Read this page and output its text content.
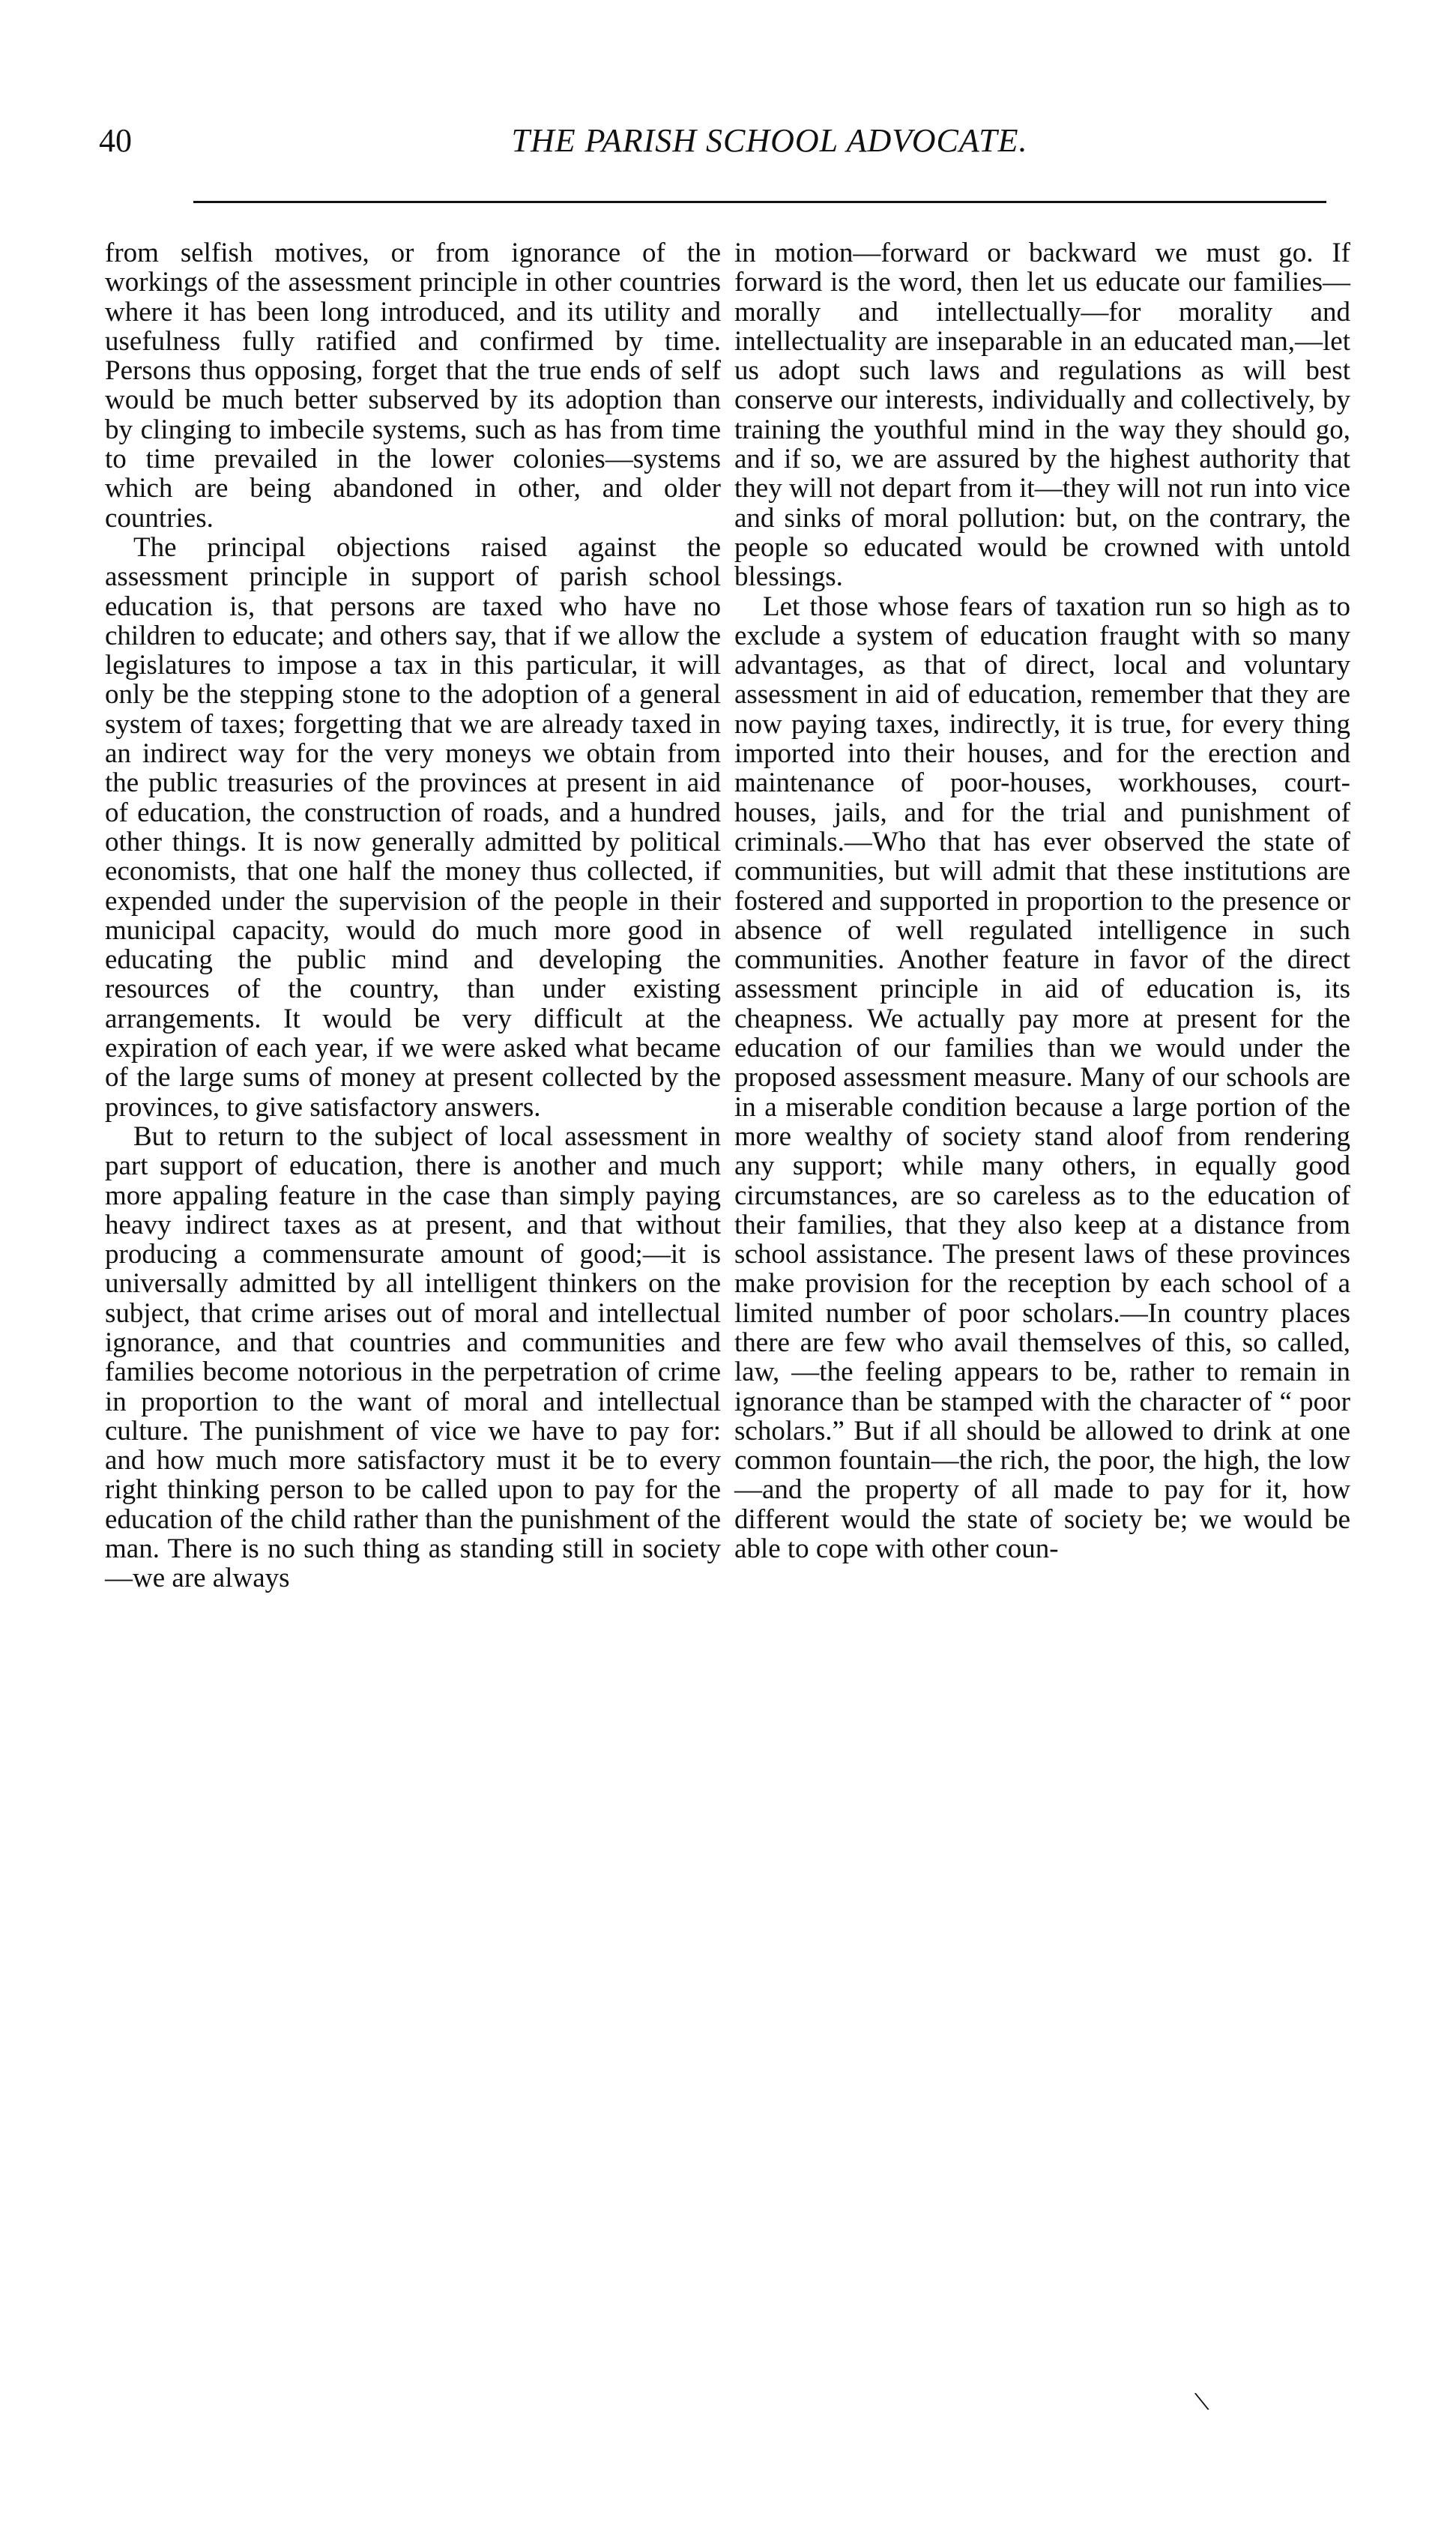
40	THE PARISH SCHOOL ADVOCATE.

from selfish motives, or from ignorance of the workings of the assessment principle in other countries where it has been long introduced, and its utility and usefulness fully ratified and confirmed by time. Persons thus opposing, forget that the true ends of self would be much better subserved by its adoption than by clinging to imbecile systems, such as has from time to time prevailed in the lower colonies—systems which are being abandoned in other, and older countries.

The principal objections raised against the assessment principle in support of parish school education is, that persons are taxed who have no children to educate; and others say, that if we allow the legislatures to impose a tax in this particular, it will only be the stepping stone to the adoption of a general system of taxes; forgetting that we are already taxed in an indirect way for the very moneys we obtain from the public treasuries of the provinces at present in aid of education, the construction of roads, and a hundred other things. It is now generally admitted by political economists, that one half the money thus collected, if expended under the supervision of the people in their municipal capacity, would do much more good in educating the public mind and developing the resources of the country, than under existing arrangements. It would be very difficult at the expiration of each year, if we were asked what became of the large sums of money at present collected by the provinces, to give satisfactory answers.

But to return to the subject of local assessment in part support of education, there is another and much more appaling feature in the case than simply paying heavy indirect taxes as at present, and that without producing a commensurate amount of good;—it is universally admitted by all intelligent thinkers on the subject, that crime arises out of moral and intellectual ignorance, and that countries and communities and families become notorious in the perpetration of crime in proportion to the want of moral and intellectual culture. The punishment of vice we have to pay for: and how much more satisfactory must it be to every right thinking person to be called upon to pay for the education of the child rather than the punishment of the man. There is no such thing as standing still in society—we are always

in motion—forward or backward we must go. If forward is the word, then let us educate our families—morally and intellectually—for morality and intellectuality are inseparable in an educated man,—let us adopt such laws and regulations as will best conserve our interests, individually and collectively, by training the youthful mind in the way they should go, and if so, we are assured by the highest authority that they will not depart from it—they will not run into vice and sinks of moral pollution: but, on the contrary, the people so educated would be crowned with untold blessings.

Let those whose fears of taxation run so high as to exclude a system of education fraught with so many advantages, as that of direct, local and voluntary assessment in aid of education, remember that they are now paying taxes, indirectly, it is true, for every thing imported into their houses, and for the erection and maintenance of poor-houses, workhouses, court-houses, jails, and for the trial and punishment of criminals.—Who that has ever observed the state of communities, but will admit that these institutions are fostered and supported in proportion to the presence or absence of well regulated intelligence in such communities. Another feature in favor of the direct assessment principle in aid of education is, its cheapness. We actually pay more at present for the education of our families than we would under the proposed assessment measure. Many of our schools are in a miserable condition because a large portion of the more wealthy of society stand aloof from rendering any support; while many others, in equally good circumstances, are so careless as to the education of their families, that they also keep at a distance from school assistance. The present laws of these provinces make provision for the reception by each school of a limited number of poor scholars.—In country places there are few who avail themselves of this, so called, law, —the feeling appears to be, rather to remain in ignorance than be stamped with the character of “ poor scholars.” But if all should be allowed to drink at one common fountain—the rich, the poor, the high, the low—and the property of all made to pay for it, how different would the state of society be; we would be able to cope with other coun-

\
